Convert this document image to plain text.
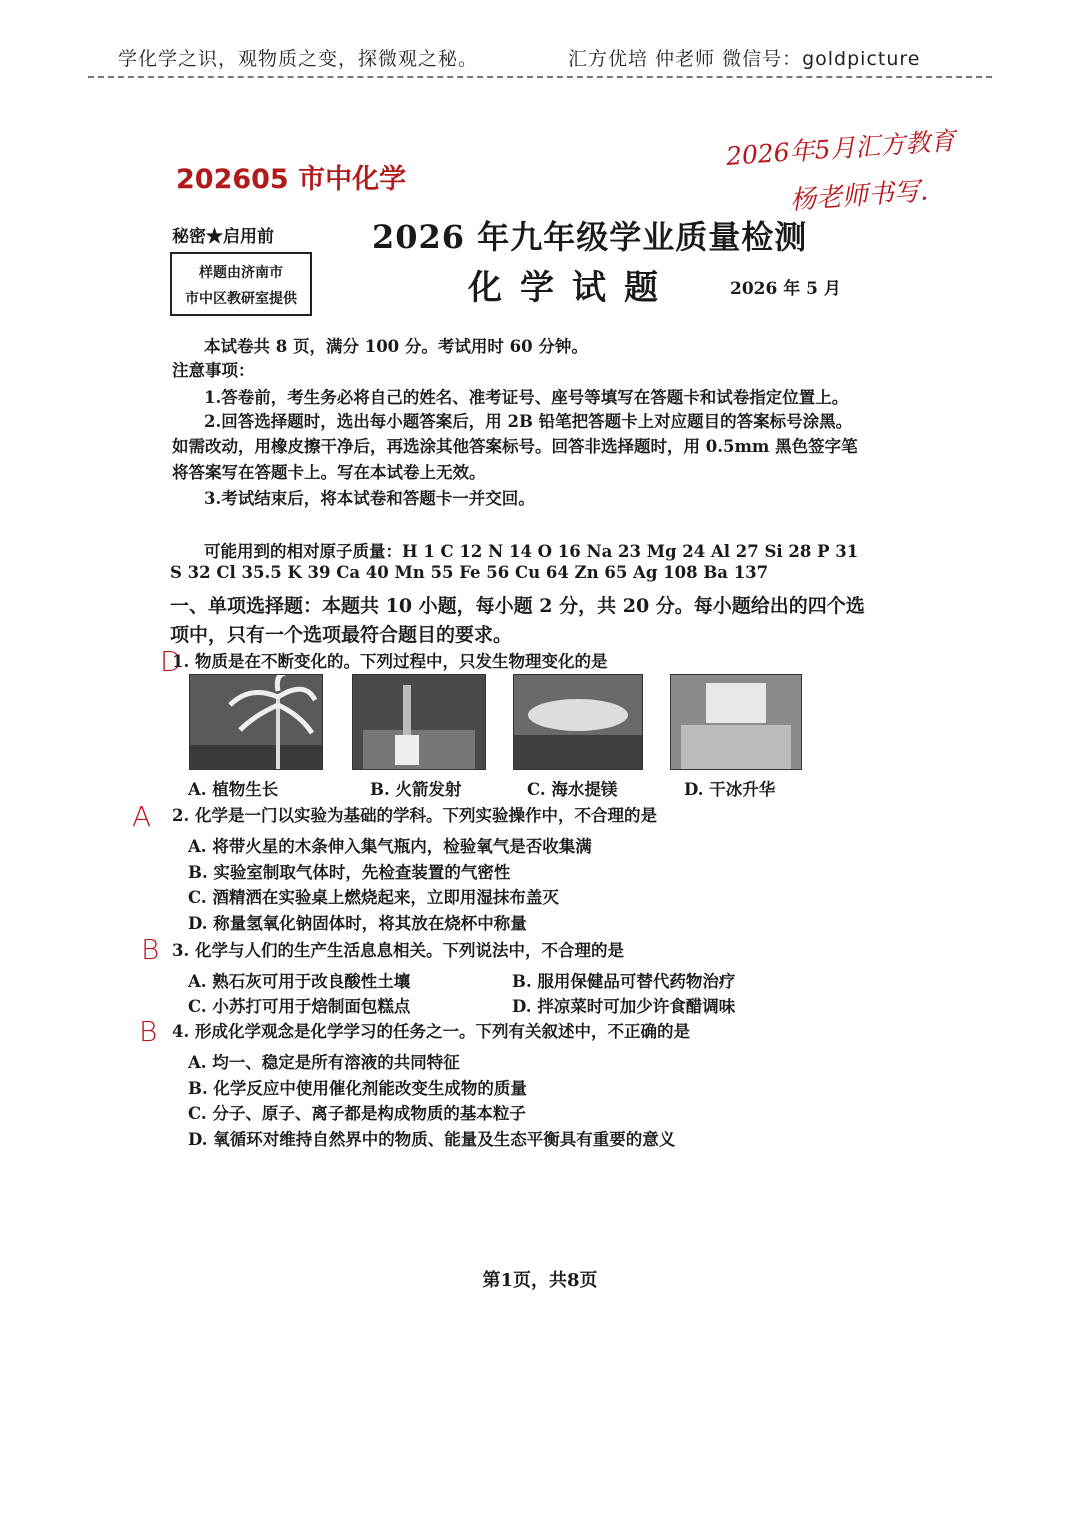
学化学之识，观物质之变，探微观之秘。	汇方优培 仲老师 微信号：goldpicture
202605 市中化学
2026年5月汇方教育
杨老师书写.
秘密★启用前	2026 年九年级学业质量检测
样题由济南市
市中区教研室提供	化学试题	2026 年 5 月
本试卷共 8 页，满分 100 分。考试用时 60 分钟。
注意事项：
1.答卷前，考生务必将自己的姓名、准考证号、座号等填写在答题卡和试卷指定位置上。
2.回答选择题时，选出每小题答案后，用 2B 铅笔把答题卡上对应题目的答案标号涂黑。
如需改动，用橡皮擦干净后，再选涂其他答案标号。回答非选择题时，用 0.5mm 黑色签字笔
将答案写在答题卡上。写在本试卷上无效。
3.考试结束后，将本试卷和答题卡一并交回。
可能用到的相对原子质量：H 1 C 12 N 14 O 16 Na 23 Mg 24 Al 27 Si 28 P 31
S 32 Cl 35.5 K 39 Ca 40 Mn 55 Fe 56 Cu 64 Zn 65 Ag 108 Ba 137
一、单项选择题：本题共 10 小题，每小题 2 分，共 20 分。每小题给出的四个选
项中，只有一个选项最符合题目的要求。
D
1. 物质是在不断变化的。下列过程中，只发生物理变化的是
A. 植物生长	B. 火箭发射	C. 海水提镁	D. 干冰升华
A 2. 化学是一门以实验为基础的学科。下列实验操作中，不合理的是
A. 将带火星的木条伸入集气瓶内，检验氧气是否收集满
B. 实验室制取气体时，先检查装置的气密性
C. 酒精洒在实验桌上燃烧起来，立即用湿抹布盖灭
D. 称量氢氧化钠固体时，将其放在烧杯中称量
B 3. 化学与人们的生产生活息息相关。下列说法中，不合理的是
A. 熟石灰可用于改良酸性土壤	B. 服用保健品可替代药物治疗
C. 小苏打可用于焙制面包糕点	D. 拌凉菜时可加少许食醋调味
B 4. 形成化学观念是化学学习的任务之一。下列有关叙述中，不正确的是
A. 均一、稳定是所有溶液的共同特征
B. 化学反应中使用催化剂能改变生成物的质量
C. 分子、原子、离子都是构成物质的基本粒子
D. 氧循环对维持自然界中的物质、能量及生态平衡具有重要的意义
第1页，共8页
